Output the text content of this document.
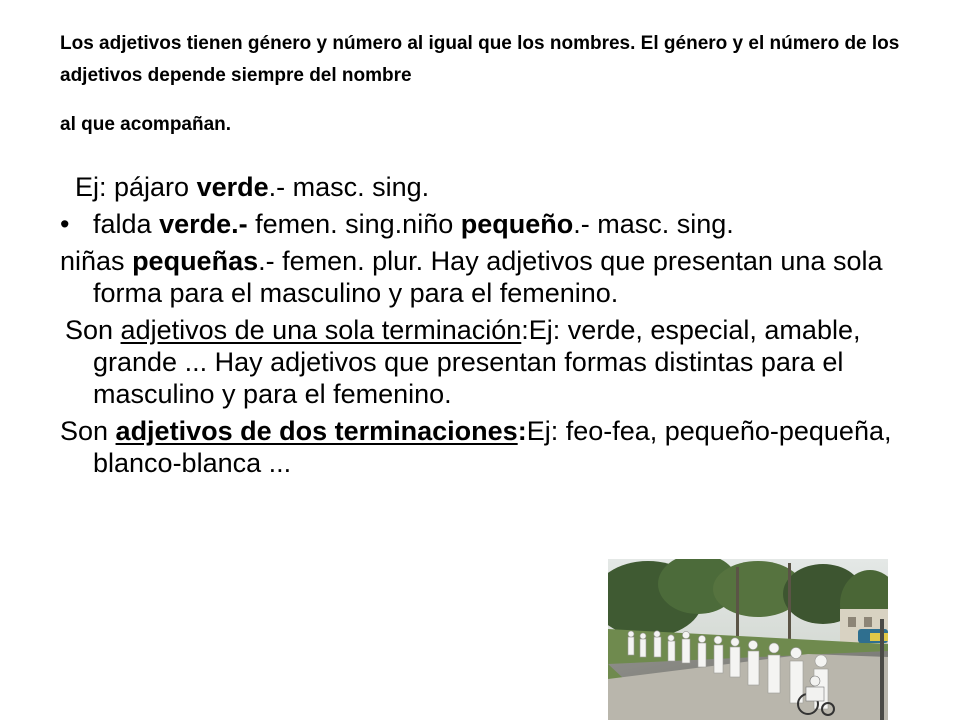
Los adjetivos tienen género y número al igual que los nombres. El género y el número de los adjetivos depende siempre del nombre
al que acompañan.

Ej: pájaro verde.- masc. sing.

• falda verde.- femen. sing.niño pequeño.- masc. sing.

niñas pequeñas.- femen. plur. Hay adjetivos que presentan una sola forma para el masculino y para el femenino.

Son adjetivos de una sola terminación:Ej: verde, especial, amable, grande ... Hay adjetivos que presentan formas distintas para el masculino y para el femenino.

Son adjetivos de dos terminaciones:Ej: feo-fea, pequeño-pequeña, blanco-blanca ...
